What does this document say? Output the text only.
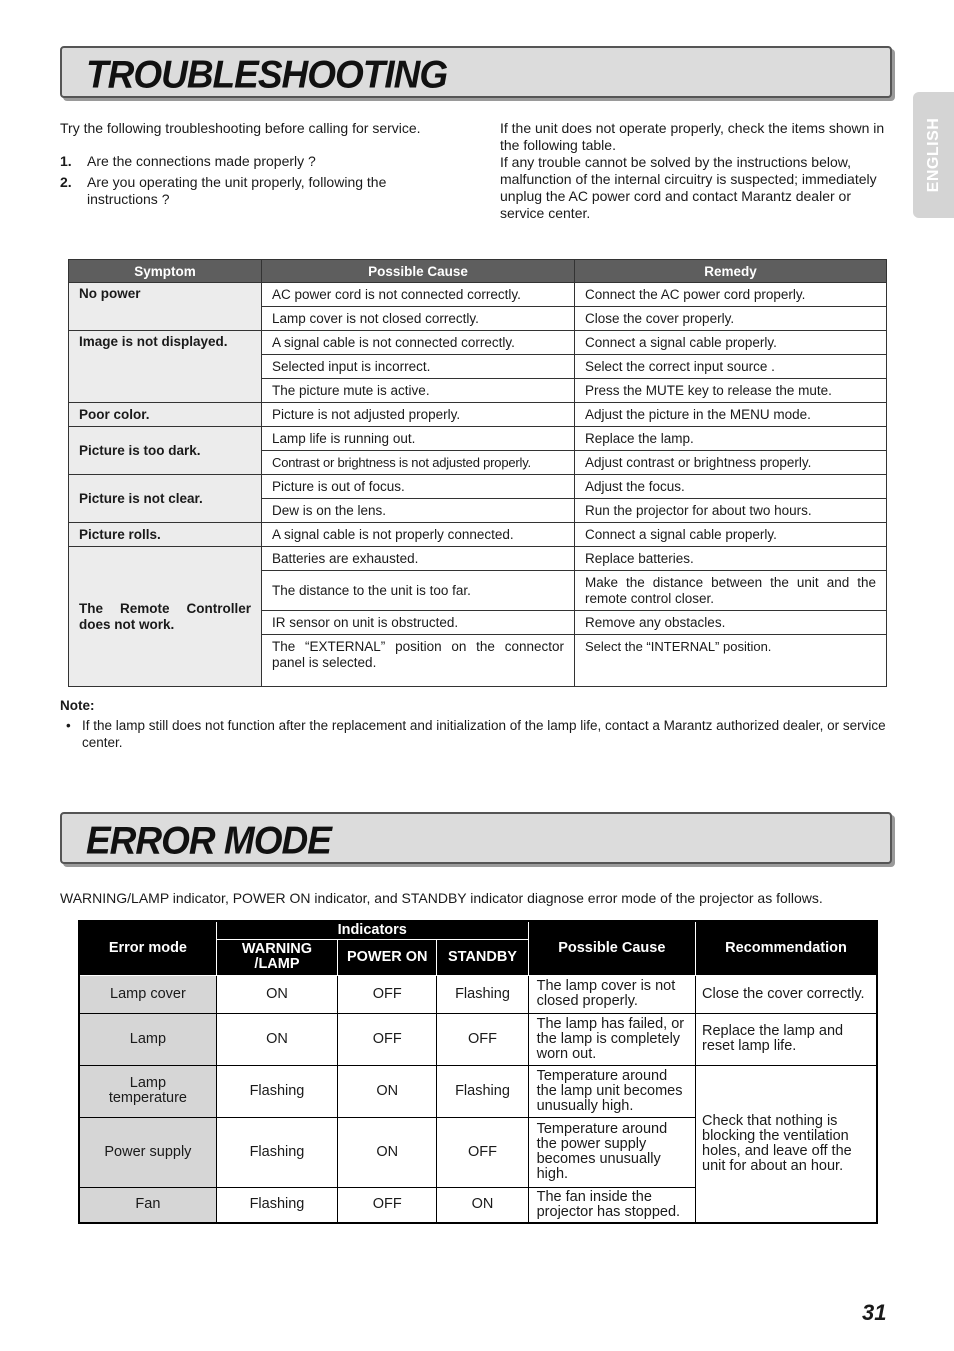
ENGLISH
TROUBLESHOOTING
Try the following troubleshooting before calling for service.
1.	Are the connections made properly ?
2.	Are you operating the unit properly, following the instructions ?
If the unit does not operate properly, check the items shown in the following table.
If any trouble cannot be solved by the instructions below, malfunction of the internal circuitry is suspected; immediately unplug the AC power cord and contact Marantz dealer or service center.
Symptom	Possible Cause	Remedy
No power	AC power cord is not connected correctly.	Connect the AC power cord properly.
	Lamp cover is not closed correctly.	Close the cover properly.
Image is not displayed.	A signal cable is not connected correctly.	Connect a signal cable properly.
	Selected input is incorrect.	Select the correct input source .
	The picture mute is active.	Press the MUTE key to release the mute.
Poor color.	Picture is not adjusted properly.	Adjust the picture in the MENU mode.
Picture is too dark.	Lamp life is running out.	Replace the lamp.
	Contrast or brightness is not adjusted properly.	Adjust contrast or brightness properly.
Picture is not clear.	Picture is out of focus.	Adjust the focus.
	Dew is on the lens.	Run the projector for about two hours.
Picture rolls.	A signal cable is not properly connected.	Connect a signal cable properly.
The Remote Controller does not work.	Batteries are exhausted.	Replace batteries.
	The distance to the unit is too far.	Make the distance between the unit and the remote control closer.
	IR sensor on unit is obstructed.	Remove any obstacles.
	The “EXTERNAL” position on the connector panel is selected.	Select the “INTERNAL” position.
Note:
• If the lamp still does not function after the replacement and initialization of the lamp life, contact a Marantz authorized dealer, or service center.
ERROR MODE
WARNING/LAMP indicator, POWER ON indicator, and STANDBY indicator diagnose error mode of the projector as follows.
Error mode	Indicators			Possible Cause	Recommendation
	WARNING /LAMP	POWER ON	STANDBY		
Lamp cover	ON	OFF	Flashing	The lamp cover is not closed properly.	Close the cover correctly.
Lamp	ON	OFF	OFF	The lamp has failed, or the lamp is completely worn out.	Replace the lamp and reset lamp life.
Lamp temperature	Flashing	ON	Flashing	Temperature around the lamp unit becomes unusually high.	Check that nothing is blocking the ventilation holes, and leave off the unit for about an hour.
Power supply	Flashing	ON	OFF	Temperature around the power supply becomes unusually high.	
Fan	Flashing	OFF	ON	The fan inside the projector has stopped.	
31
